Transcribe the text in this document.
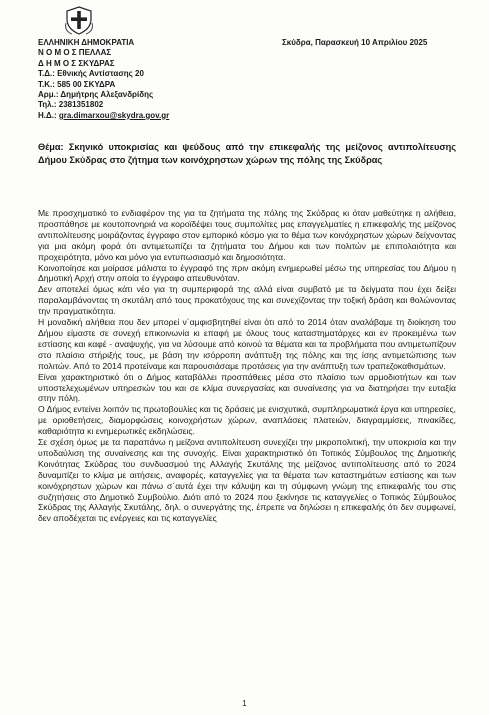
ΕΛΛΗΝΙΚΗ ΔΗΜΟΚΡΑΤΙΑ
Ν Ο Μ Ο Σ ΠΕΛΛΑΣ
Δ Η Μ Ο Σ ΣΚΥΔΡΑΣ
Τ.Δ.: Εθνικής Αντίστασης 20
Τ.Κ.: 585 00 ΣΚΥΔΡΑ
Αρμ.: Δημήτρης Αλεξανδρίδης
Τηλ.: 2381351802
Η.Δ.: gra.dimarxou@skydra.gov.gr
Σκύδρα, Παρασκευή 10 Απριλίου 2025
Θέμα: Σκηνικό υποκρισίας και ψεύδους από την επικεφαλής της μείζονος αντιπολίτευσης Δήμου Σκύδρας στο ζήτημα των κοινόχρηστων χώρων της πόλης της Σκύδρας

Με προσχηματικό το ενδιαφέρον της για τα ζητήματα της πόλης της Σκύδρας κι όταν μαθεύτηκε η αλήθεια, προσπάθησε με κουτοπονηριά να κοροϊδέψει τους συμπολίτες μας επαγγελματίες η επικεφαλής της μείζονος αντιπολίτευσης μοιράζοντας έγγραφο στον εμπορικό κόσμο για το θέμα των κοινόχρηστων χώρων δείχνοντας για μια ακόμη φορά ότι αντιμετωπίζει τα ζητήματα του Δήμου και των πολιτών με επιπολαιότητα και προχειρότητα, μόνο και μόνο για εντυπωσιασμό και δημοσιότητα.

Κοινοποίησε και μοίρασε μάλιστα το έγγραφό της πριν ακόμη ενημερωθεί μέσω της υπηρεσίας του Δήμου η Δημοτική Αρχή στην οποία το έγγραφο απευθυνόταν.

Δεν αποτελεί όμως κάτι νέο για τη συμπεριφορά της αλλά είναι συμβατό με τα δείγματα που έχει δείξει παραλαμβάνοντας τη σκυτάλη από τους προκατόχους της και συνεχίζοντας την τοξική δράση και θολώνοντας την πραγματικότητα.

Η μοναδική αλήθεια που δεν μπορεί ν΄αμφισβητηθεί είναι ότι από το 2014 όταν αναλάβαμε τη διοίκηση του Δήμου είμαστε σε συνεχή επικοινωνία κι επαφή με όλους τους καταστηματάρχες και εν προκειμένω των εστίασης και καφέ - αναψυχής, για να λύσουμε από κοινού τα θέματα και τα προβλήματα που αντιμετωπίζουν στο πλαίσιο στήριξής τους, με βάση την ισόρροπη ανάπτυξη της πόλης και της ίσης αντιμετώπισης των πολιτών. Από το 2014 προτείναμε και παρουσιάσαμε προτάσεις για την ανάπτυξη των τραπεζοκαθισμάτων.

Είναι χαρακτηριστικό ότι ο Δήμος καταβάλλει προσπάθειες μέσα στο πλαίσιο των αρμοδιοτήτων και των υποστελεχωμένων υπηρεσιών του και σε κλίμα συνεργασίας και συναίνεσης για να διατηρήσει την ευταξία στην πόλη.

Ο Δήμος εντείνει λοιπόν τις πρωτοβουλίες και τις δράσεις με ενισχυτικά, συμπληρωματικά έργα και υπηρεσίες, με οριοθετήσεις, διαμορφώσεις κοινοχρήστων χώρων, αναπλάσεις πλατειών, διαγραμμίσεις, πινακίδες, καθαριότητα κι ενημερωτικές εκδηλώσεις.

Σε σχέση όμως με τα παραπάνω η μείζονα αντιπολίτευση συνεχίζει την μικροπολιτική, την υποκρισία και την υποδαύλιση της συναίνεσης και της συνοχής. Είναι χαρακτηριστικό ότι Τοπικός Σύμβουλος της Δημοτικής Κοινότητας Σκύδρας του συνδυασμού της Αλλαγής Σκυτάλης της μείζονος αντιπολίτευσης από το 2024 δυναμιτίζει το κλίμα με αιτήσεις, αναφορές, καταγγελίες για τα θέματα των καταστημάτων εστίασης και των κοινόχρηστων χώρων και πάνω σ΄αυτά έχει την κάλυψη και τη σύμφωνη γνώμη της επικεφαλής του στις συζητήσεις στο Δημοτικό Συμβούλιο. Διότι από το 2024 που ξεκίνησε τις καταγγελίες ο Τοπικός Σύμβουλος Σκύδρας της Αλλαγής Σκυτάλης, δηλ. ο συνεργάτης της, έπρεπε να δηλώσει η επικεφαλής ότι δεν συμφωνεί, δεν αποδέχεται τις ενέργειες και τις καταγγελίες

1
